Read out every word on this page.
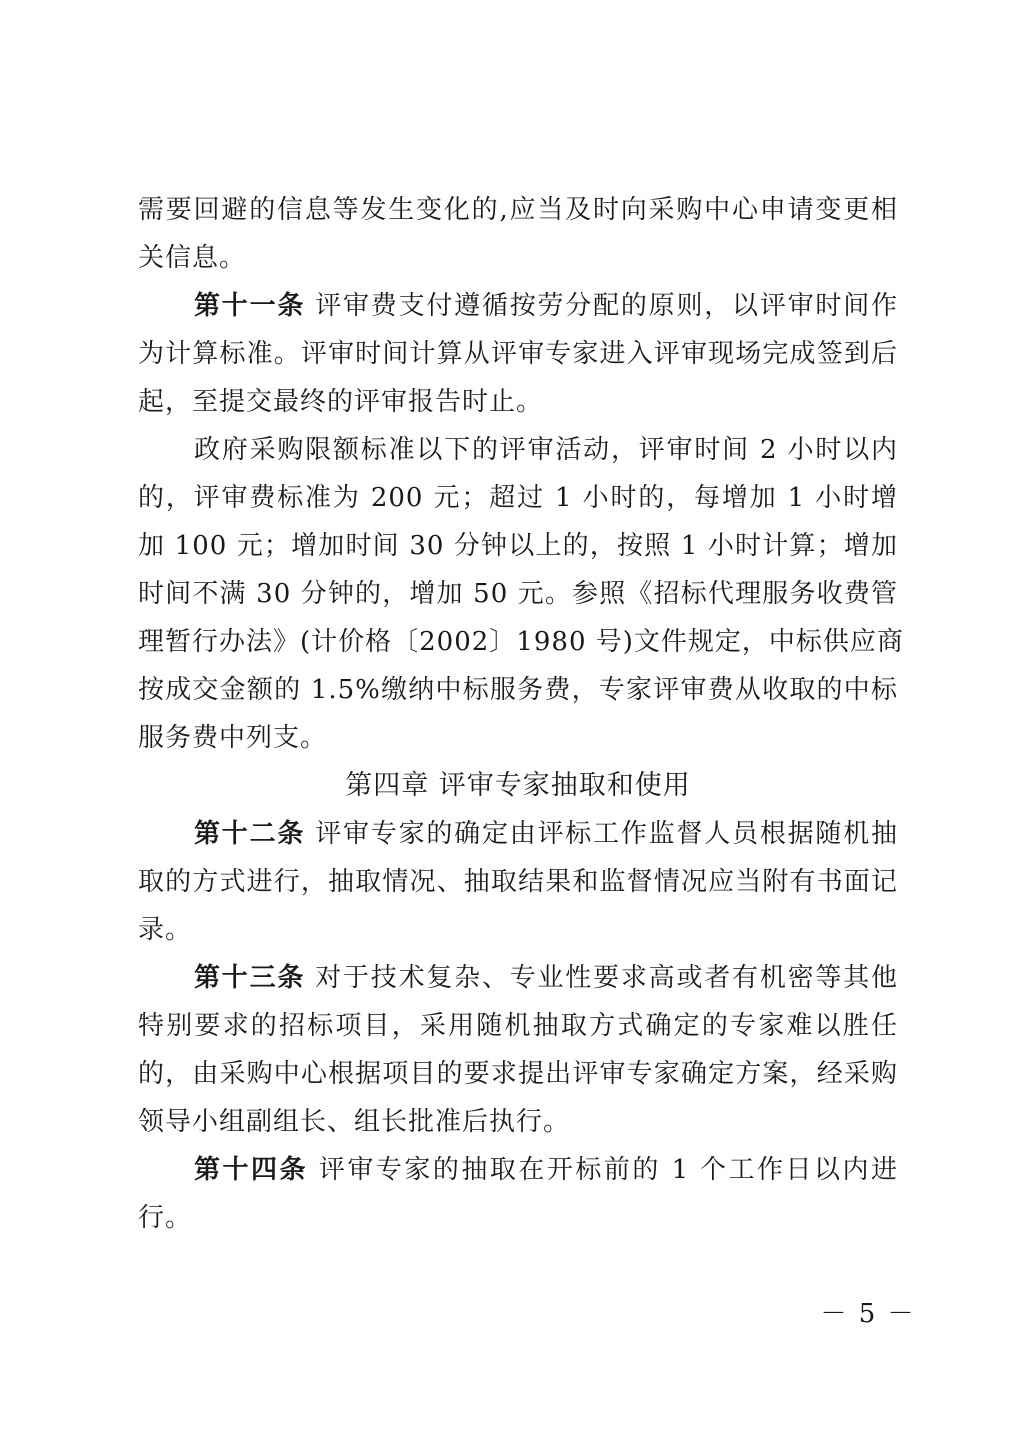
需要回避的信息等发生变化的,应当及时向采购中心申请变更相
关信息。
第十一条 评审费支付遵循按劳分配的原则，以评审时间作
为计算标准。评审时间计算从评审专家进入评审现场完成签到后
起，至提交最终的评审报告时止。
政府采购限额标准以下的评审活动，评审时间 2 小时以内
的，评审费标准为 200 元；超过 1 小时的，每增加 1 小时增
加 100 元；增加时间 30 分钟以上的，按照 1 小时计算；增加
时间不满 30 分钟的，增加 50 元。参照《招标代理服务收费管
理暂行办法》(计价格〔2002〕1980 号)文件规定，中标供应商
按成交金额的 1.5%缴纳中标服务费，专家评审费从收取的中标
服务费中列支。
第四章 评审专家抽取和使用
第十二条 评审专家的确定由评标工作监督人员根据随机抽
取的方式进行，抽取情况、抽取结果和监督情况应当附有书面记
录。
第十三条 对于技术复杂、专业性要求高或者有机密等其他
特别要求的招标项目，采用随机抽取方式确定的专家难以胜任
的，由采购中心根据项目的要求提出评审专家确定方案，经采购
领导小组副组长、组长批准后执行。
第十四条 评审专家的抽取在开标前的 1 个工作日以内进
行。
－ 5 －
